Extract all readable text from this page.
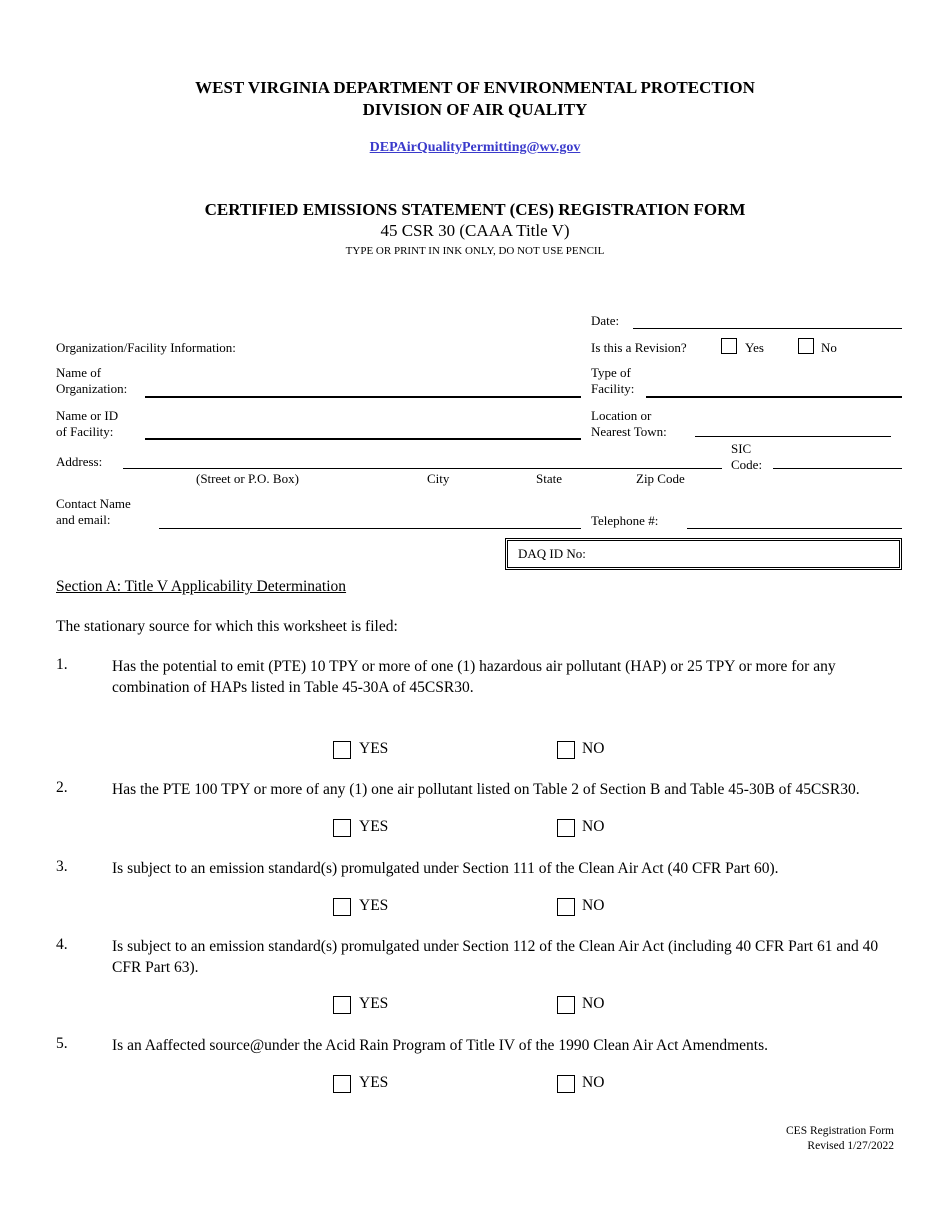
WEST VIRGINIA DEPARTMENT OF ENVIRONMENTAL PROTECTION
DIVISION OF AIR QUALITY
DEPAirQualityPermitting@wv.gov
CERTIFIED EMISSIONS STATEMENT (CES) REGISTRATION FORM
45 CSR 30 (CAAA Title V)
TYPE OR PRINT IN INK ONLY, DO NOT USE PENCIL
Date:
Organization/Facility Information:	Is this a Revision?	Yes	No
Name of
Organization:
Type of
Facility:
Name or ID
of Facility:
Location or
Nearest Town:
Address:
SIC
Code:
(Street or P.O. Box)	City	State	Zip Code
Contact Name
and email:	Telephone #:
DAQ ID No:
Section A: Title V Applicability Determination
The stationary source for which this worksheet is filed:
1.	Has the potential to emit (PTE) 10 TPY or more of one (1) hazardous air pollutant (HAP) or 25 TPY or more for any combination of HAPs listed in Table 45-30A of 45CSR30.
YES	NO
2.	Has the PTE 100 TPY or more of any (1) one air pollutant listed on Table 2 of Section B and Table 45-30B of 45CSR30.
YES	NO
3.	Is subject to an emission standard(s) promulgated under Section 111 of the Clean Air Act (40 CFR Part 60).
YES	NO
4.	Is subject to an emission standard(s) promulgated under Section 112 of the Clean Air Act (including 40 CFR Part 61 and 40 CFR Part 63).
YES	NO
5.	Is an Aaffected source@under the Acid Rain Program of Title IV of the 1990 Clean Air Act Amendments.
YES	NO
CES Registration Form
Revised 1/27/2022
